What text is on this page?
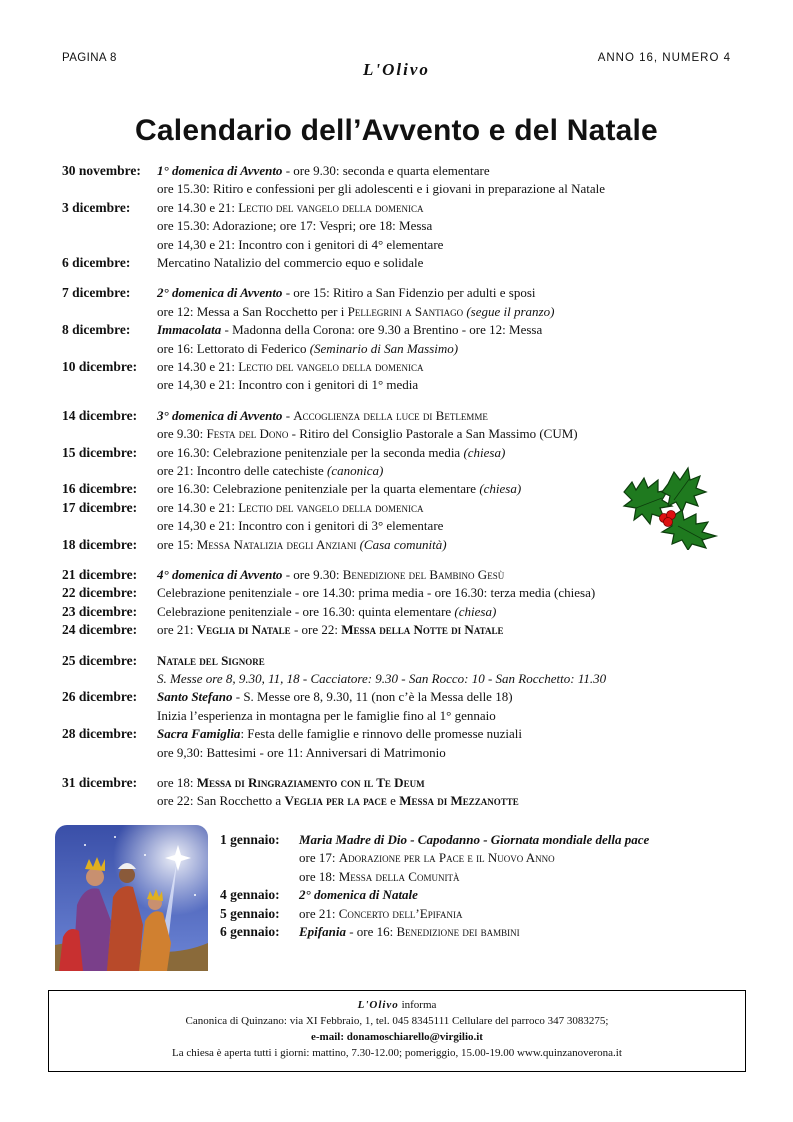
PAGINA 8	ANNO 16, NUMERO 4
L'Olivo
Calendario dell’Avvento e del Natale
30 novembre: 1° domenica di Avvento - ore 9.30: seconda e quarta elementare
ore 15.30: Ritiro e confessioni per gli adolescenti e i giovani in preparazione al Natale
3 dicembre: ore 14.30 e 21: Lectio del vangelo della domenica
ore 15.30: Adorazione; ore 17: Vespri; ore 18: Messa
ore 14,30 e 21: Incontro con i genitori di 4° elementare
6 dicembre: Mercatino Natalizio del commercio equo e solidale
7 dicembre: 2° domenica di Avvento - ore 15: Ritiro a San Fidenzio per adulti e sposi
ore 12: Messa a San Rocchetto per i Pellegrini a Santiago (segue il pranzo)
8 dicembre: Immacolata - Madonna della Corona: ore 9.30 a Brentino - ore 12: Messa
ore 16: Lettorato di Federico (Seminario di San Massimo)
10 dicembre: ore 14.30 e 21: Lectio del vangelo della domenica
ore 14,30 e 21: Incontro con i genitori di 1° media
14 dicembre: 3° domenica di Avvento - Accoglienza della luce di Betlemme
ore 9.30: Festa del Dono - Ritiro del Consiglio Pastorale a San Massimo (CUM)
15 dicembre: ore 16.30: Celebrazione penitenziale per la seconda media (chiesa)
ore 21: Incontro delle catechiste (canonica)
16 dicembre: ore 16.30: Celebrazione penitenziale per la quarta elementare (chiesa)
17 dicembre: ore 14.30 e 21: Lectio del vangelo della domenica
ore 14,30 e 21: Incontro con i genitori di 3° elementare
18 dicembre: ore 15: Messa Natalizia degli Anziani (Casa comunità)
21 dicembre: 4° domenica di Avvento - ore 9.30: Benedizione del Bambino Gesù
22 dicembre: Celebrazione penitenziale - ore 14.30: prima media - ore 16.30: terza media (chiesa)
23 dicembre: Celebrazione penitenziale - ore 16.30: quinta elementare (chiesa)
24 dicembre: ore 21: Veglia di Natale - ore 22: Messa della Notte di Natale
25 dicembre: Natale del Signore
S. Messe ore 8, 9.30, 11, 18 - Cacciatore: 9.30 - San Rocco: 10 - San Rocchetto: 11.30
26 dicembre: Santo Stefano - S. Messe ore 8, 9.30, 11 (non c’è la Messa delle 18)
Inizia l’esperienza in montagna per le famiglie fino al 1° gennaio
28 dicembre: Sacra Famiglia: Festa delle famiglie e rinnovo delle promesse nuziali
ore 9,30: Battesimi - ore 11: Anniversari di Matrimonio
31 dicembre: ore 18: Messa di Ringraziamento con il Te Deum
ore 22: San Rocchetto a Veglia per la pace e Messa di Mezzanotte
1 gennaio: Maria Madre di Dio - Capodanno - Giornata mondiale della pace
ore 17: Adorazione per la Pace e il Nuovo Anno
ore 18: Messa della Comunità
4 gennaio: 2° domenica di Natale
5 gennaio: ore 21: Concerto dell’Epifania
6 gennaio: Epifania - ore 16: Benedizione dei bambini
L'Olivo informa
Canonica di Quinzano: via XI Febbraio, 1, tel. 045 8345111 Cellulare del parroco 347 3083275;
e-mail: donamoschiarello@virgilio.it
La chiesa è aperta tutti i giorni: mattino, 7.30-12.00; pomeriggio, 15.00-19.00 www.quinzanoverona.it
